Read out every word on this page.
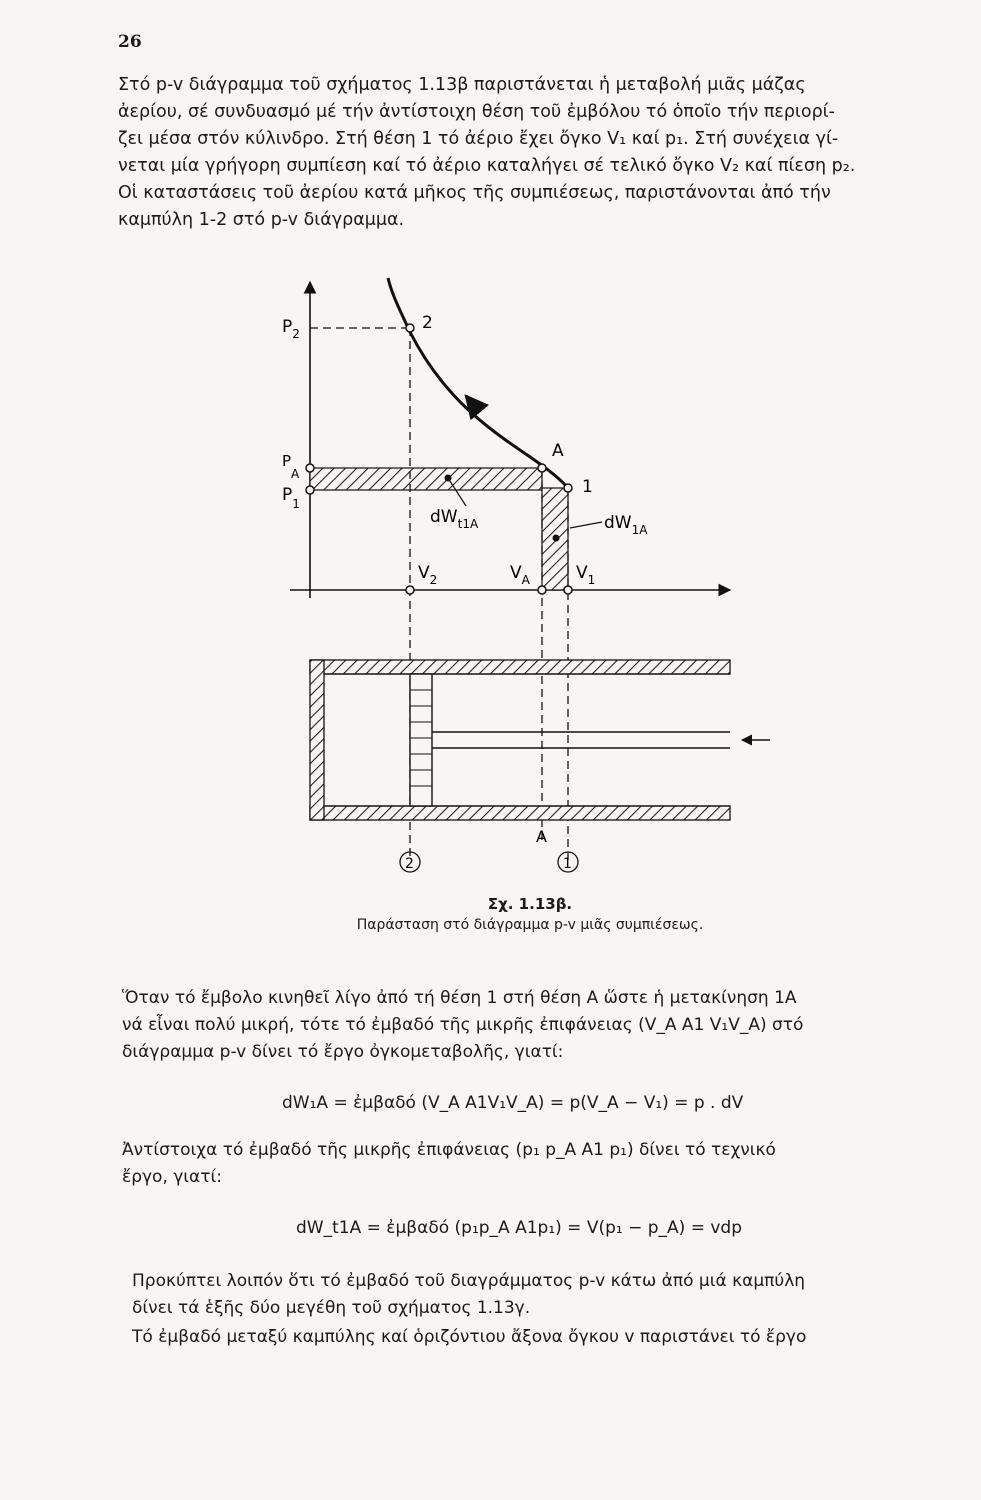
26

Στό p-v διάγραμμα τοῦ σχήματος 1.13β παριστάνεται ἡ μεταβολή μιᾶς μάζας
ἀερίου, σέ συνδυασμό μέ τήν ἀντίστοιχη θέση τοῦ ἐμβόλου τό ὁποῖο τήν περιορί-
ζει μέσα στόν κύλινδρο. Στή θέση 1 τό ἀέριο ἔχει ὄγκο V₁ καί p₁. Στή συνέχεια γί-
νεται μία γρήγορη συμπίεση καί τό ἀέριο καταλήγει σέ τελικό ὄγκο V₂ καί πίεση p₂.
Οἱ καταστάσεις τοῦ ἀερίου κατά μῆκος τῆς συμπιέσεως, παριστάνονται ἀπό τήν
καμπύλη 1-2 στό p-v διάγραμμα.

$P_2$
$P_A$
$P_1$
2
A
1
$dW_{t1A}$	$dW_{1A}$
$V_2$	$V_A$	$V_1$
A
2	1
Σχ. 1.13β.
Παράσταση στό διάγραμμα p-v μιᾶς συμπιέσεως.

Ὅταν τό ἔμβολο κινηθεῖ λίγο ἀπό τή θέση 1 στή θέση Α ὥστε ἡ μετακίνηση 1Α
νά εἶναι πολύ μικρή, τότε τό ἐμβαδό τῆς μικρῆς ἐπιφάνειας (V_A A1 V₁V_A) στό
διάγραμμα p-v δίνει τό ἔργο ὀγκομεταβολῆς, γιατί:

dW₁A = ἐμβαδό (V_A A1V₁V_A) = p(V_A − V₁) = p . dV

Ἀντίστοιχα τό ἐμβαδό τῆς μικρῆς ἐπιφάνειας (p₁ p_A A1 p₁) δίνει τό τεχνικό
ἔργο, γιατί:

dW_t1A = ἐμβαδό (p₁p_A A1p₁) = V(p₁ − p_A) = vdp

Προκύπτει λοιπόν ὅτι τό ἐμβαδό τοῦ διαγράμματος p-v κάτω ἀπό μιά καμπύλη
δίνει τά ἑξῆς δύο μεγέθη τοῦ σχήματος 1.13γ.

Τό ἐμβαδό μεταξύ καμπύλης καί ὁριζόντιου ἄξονα ὄγκου v παριστάνει τό ἔργο
